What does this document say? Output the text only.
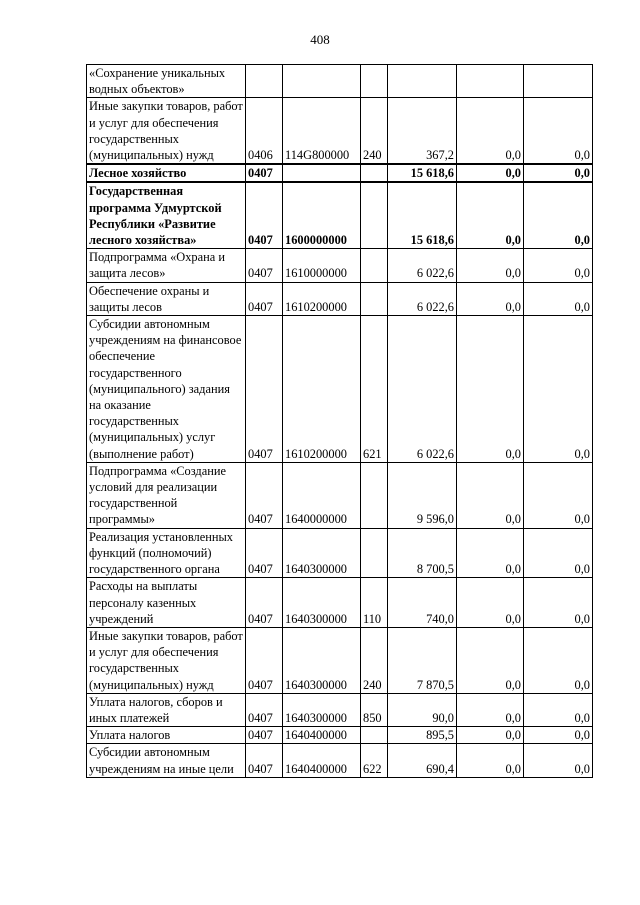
408
«Сохранение уникальных водных объектов»						
Иные закупки товаров, работ и услуг для обеспечения государственных (муниципальных) нужд	0406	114G800000	240	367,2	0,0	0,0
Лесное хозяйство	0407			15 618,6	0,0	0,0
Государственная программа Удмуртской Республики «Развитие лесного хозяйства»	0407	1600000000		15 618,6	0,0	0,0
Подпрограмма «Охрана и защита лесов»	0407	1610000000		6 022,6	0,0	0,0
Обеспечение охраны и защиты лесов	0407	1610200000		6 022,6	0,0	0,0
Субсидии автономным учреждениям на финансовое обеспечение государственного (муниципального) задания на оказание государственных (муниципальных) услуг (выполнение работ)	0407	1610200000	621	6 022,6	0,0	0,0
Подпрограмма «Создание условий для реализации государственной программы»	0407	1640000000		9 596,0	0,0	0,0
Реализация установленных функций (полномочий) государственного органа	0407	1640300000		8 700,5	0,0	0,0
Расходы на выплаты персоналу казенных учреждений	0407	1640300000	110	740,0	0,0	0,0
Иные закупки товаров, работ и услуг для обеспечения государственных (муниципальных) нужд	0407	1640300000	240	7 870,5	0,0	0,0
Уплата налогов, сборов и иных платежей	0407	1640300000	850	90,0	0,0	0,0
Уплата налогов	0407	1640400000		895,5	0,0	0,0
Субсидии автономным учреждениям на иные цели	0407	1640400000	622	690,4	0,0	0,0
